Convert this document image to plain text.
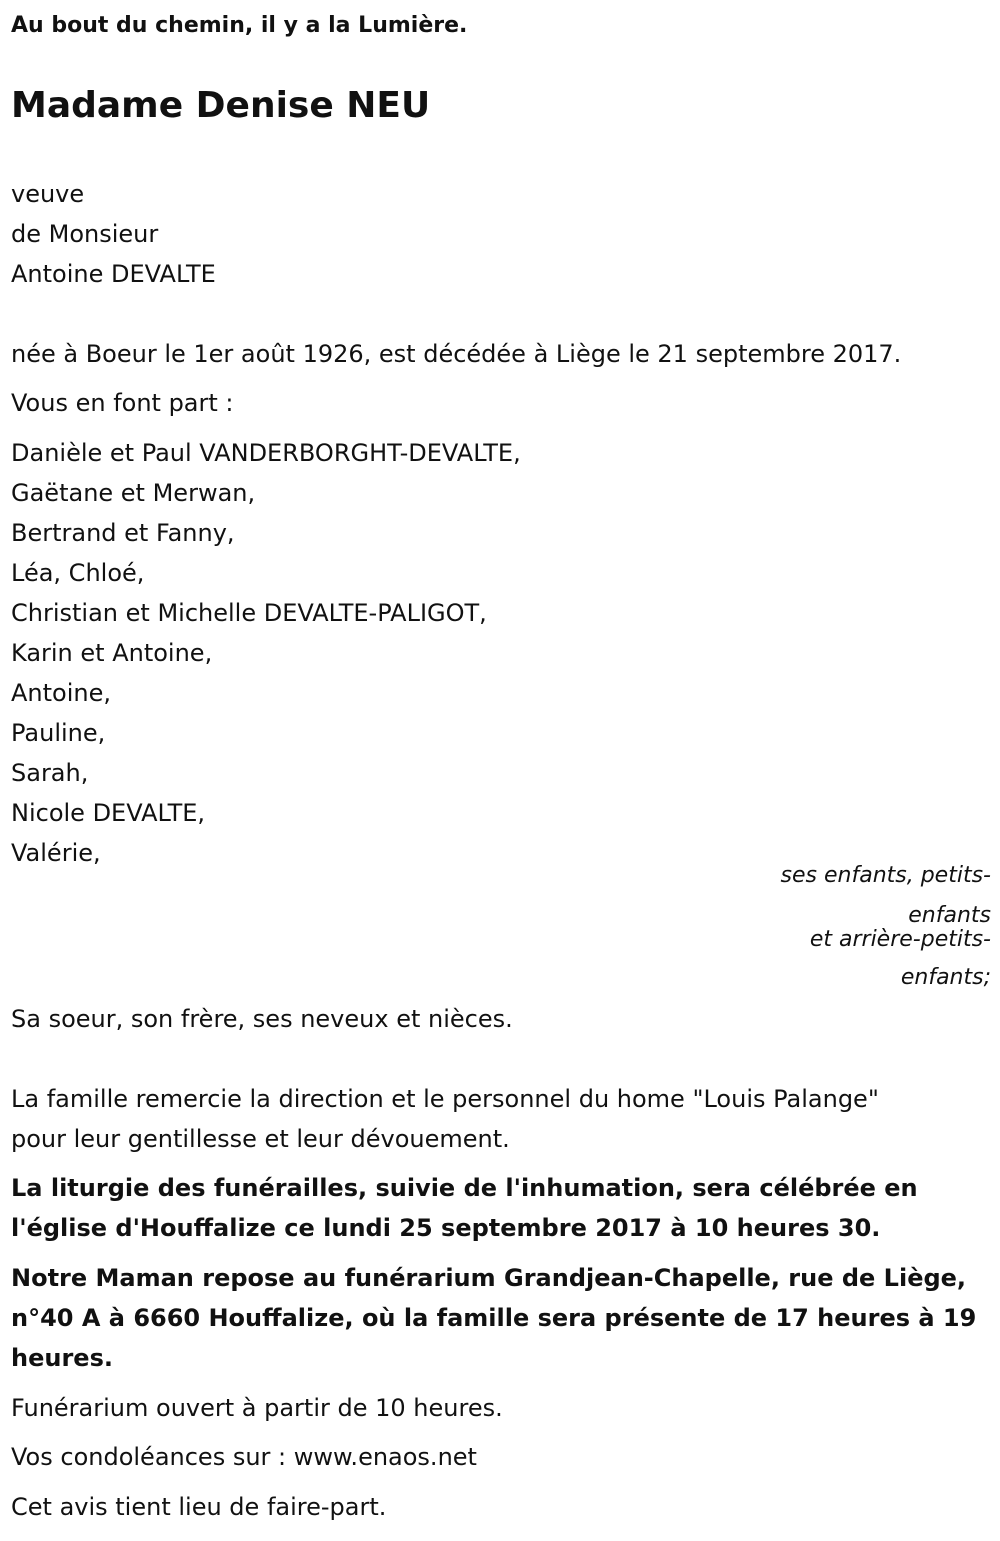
Au bout du chemin, il y a la Lumière.
Madame Denise NEU
veuve
de Monsieur
Antoine DEVALTE
née à Boeur le 1er août 1926, est décédée à Liège le 21 septembre 2017.
Vous en font part :
Danièle et Paul VANDERBORGHT-DEVALTE,
Gaëtane et Merwan,
Bertrand et Fanny,
Léa, Chloé,
Christian et Michelle DEVALTE-PALIGOT,
Karin et Antoine,
Antoine,
Pauline,
Sarah,
Nicole DEVALTE,
Valérie,
ses enfants, petits-
enfants
et arrière-petits-
enfants;
Sa soeur, son frère, ses neveux et nièces.
La famille remercie la direction et le personnel du home "Louis Palange"
pour leur gentillesse et leur dévouement.
La liturgie des funérailles, suivie de l'inhumation, sera célébrée en
l'église d'Houffalize ce lundi 25 septembre 2017 à 10 heures 30.
Notre Maman repose au funérarium Grandjean-Chapelle, rue de Liège,
n°40 A à 6660 Houffalize, où la famille sera présente de 17 heures à 19
heures.
Funérarium ouvert à partir de 10 heures.
Vos condoléances sur : www.enaos.net
Cet avis tient lieu de faire-part.
